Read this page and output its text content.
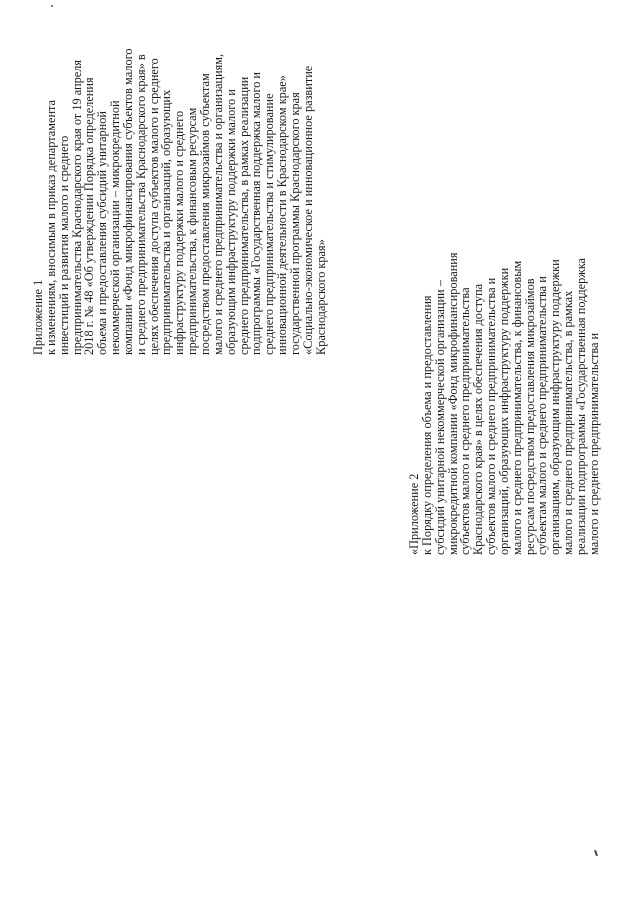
Приложение 1
к изменениям, вносимым в приказ департамента
инвестиций и развития малого и среднего
предпринимательства Краснодарского края от 19 апреля
2018 г. № 48 «Об утверждении Порядка определения
объема и предоставления субсидий унитарной
некоммерческой организации – микрокредитной
компании «Фонд микрофинансирования субъектов малого
и среднего предпринимательства Краснодарского края» в
целях обеспечения доступа субъектов малого и среднего
предпринимательства и организаций, образующих
инфраструктуру поддержки малого и среднего
предпринимательства, к финансовым ресурсам
посредством предоставления микрозаймов субъектам
малого и среднего предпринимательства и организациям,
образующим инфраструктуру поддержки малого и
среднего предпринимательства, в рамках реализации
подпрограммы «Государственная поддержка малого и
среднего предпринимательства и стимулирование
инновационной деятельности в Краснодарском крае»
государственной программы Краснодарского края
«Социально-экономическое и инновационное развитие
Краснодарского края»
«Приложение 2
к Порядку определения объема и предоставления
субсидий унитарной некоммерческой организации –
микрокредитной компании «Фонд микрофинансирования
субъектов малого и среднего предпринимательства
Краснодарского края» в целях обеспечения доступа
субъектов малого и среднего предпринимательства и
организаций, образующих инфраструктуру поддержки
малого и среднего предпринимательства, к финансовым
ресурсам посредством предоставления микрозаймов
субъектам малого и среднего предпринимательства и
организациям, образующим инфраструктуру поддержки
малого и среднего предпринимательства, в рамках
реализации подпрограммы «Государственная поддержка
малого и среднего предпринимательства и
